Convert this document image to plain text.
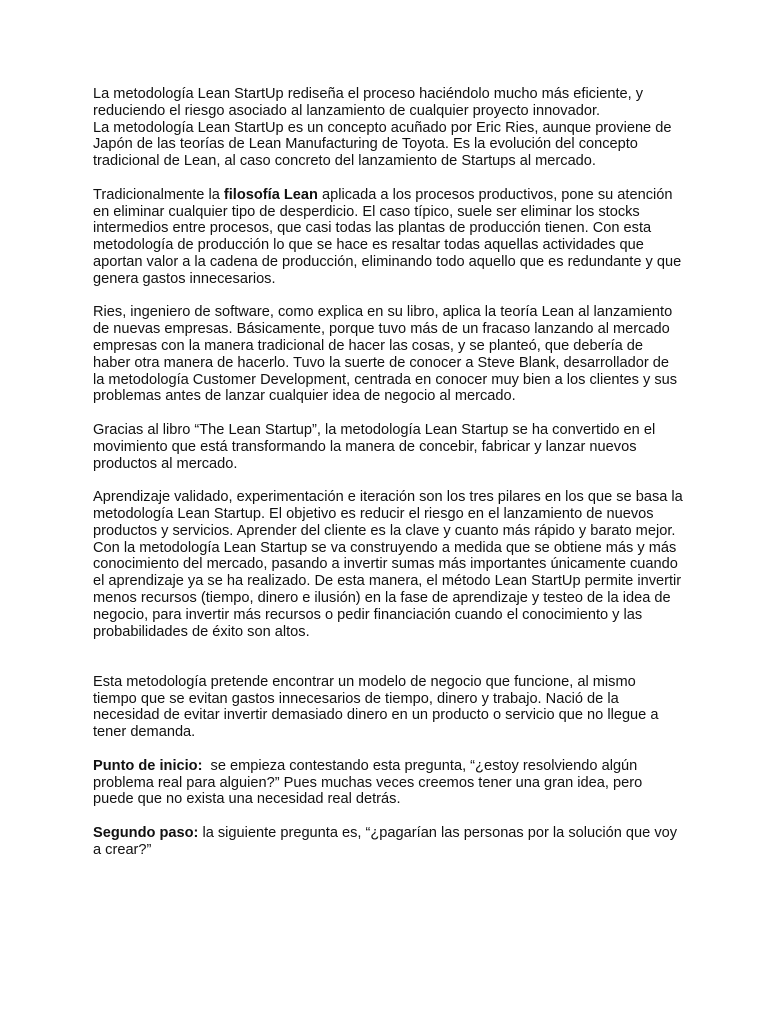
La metodología Lean StartUp rediseña el proceso haciéndolo mucho más eficiente, y reduciendo el riesgo asociado al lanzamiento de cualquier proyecto innovador.

La metodología Lean StartUp es un concepto acuñado por Eric Ries, aunque proviene de Japón de las teorías de Lean Manufacturing de Toyota. Es la evolución del concepto tradicional de Lean, al caso concreto del lanzamiento de Startups al mercado.

Tradicionalmente la filosofía Lean aplicada a los procesos productivos, pone su atención en eliminar cualquier tipo de desperdicio. El caso típico, suele ser eliminar los stocks intermedios entre procesos, que casi todas las plantas de producción tienen. Con esta metodología de producción lo que se hace es resaltar todas aquellas actividades que aportan valor a la cadena de producción, eliminando todo aquello que es redundante y que genera gastos innecesarios.

Ries, ingeniero de software, como explica en su libro, aplica la teoría Lean al lanzamiento de nuevas empresas. Básicamente, porque tuvo más de un fracaso lanzando al mercado empresas con la manera tradicional de hacer las cosas, y se planteó, que debería de haber otra manera de hacerlo. Tuvo la suerte de conocer a Steve Blank, desarrollador de la metodología Customer Development, centrada en conocer muy bien a los clientes y sus problemas antes de lanzar cualquier idea de negocio al mercado.

Gracias al libro “The Lean Startup”, la metodología Lean Startup se ha convertido en el movimiento que está transformando la manera de concebir, fabricar y lanzar nuevos productos al mercado.

Aprendizaje validado, experimentación e iteración son los tres pilares en los que se basa la metodología Lean Startup. El objetivo es reducir el riesgo en el lanzamiento de nuevos productos y servicios. Aprender del cliente es la clave y cuanto más rápido y barato mejor.

Con la metodología Lean Startup se va construyendo a medida que se obtiene más y más conocimiento del mercado, pasando a invertir sumas más importantes únicamente cuando el aprendizaje ya se ha realizado. De esta manera, el método Lean StartUp permite invertir menos recursos (tiempo, dinero e ilusión) en la fase de aprendizaje y testeo de la idea de negocio, para invertir más recursos o pedir financiación cuando el conocimiento y las probabilidades de éxito son altos.

Esta metodología pretende encontrar un modelo de negocio que funcione, al mismo tiempo que se evitan gastos innecesarios de tiempo, dinero y trabajo. Nació de la necesidad de evitar invertir demasiado dinero en un producto o servicio que no llegue a tener demanda.

Punto de inicio:  se empieza contestando esta pregunta, “¿estoy resolviendo algún problema real para alguien?” Pues muchas veces creemos tener una gran idea, pero puede que no exista una necesidad real detrás.

Segundo paso: la siguiente pregunta es, “¿pagarían las personas por la solución que voy a crear?”
